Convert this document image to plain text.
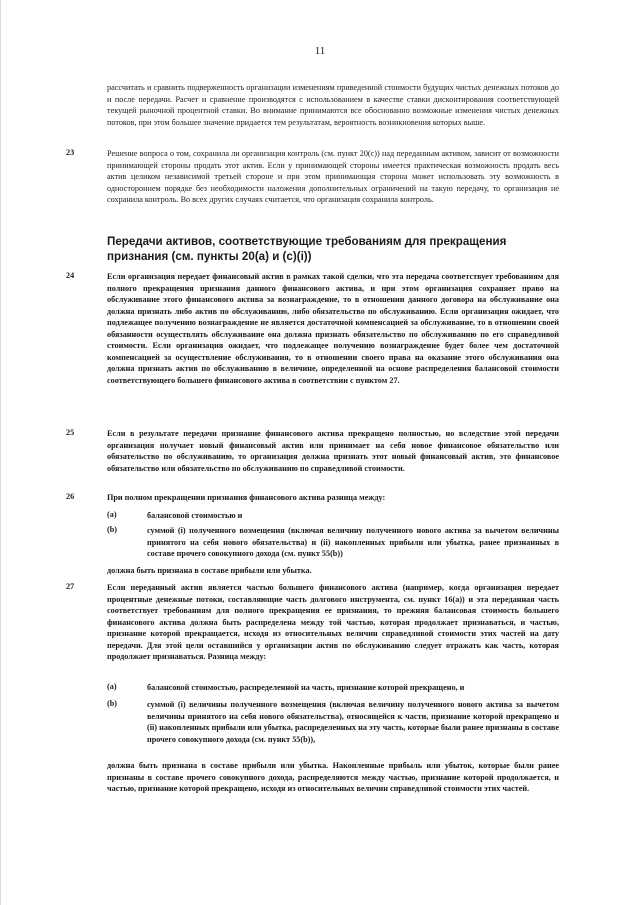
11

рассчитать и сравнить подверженность организации изменениям приведенной стоимости будущих чистых денежных потоков до и после передачи. Расчет и сравнение производятся с использованием в качестве ставки дисконтирования соответствующей текущей рыночной процентной ставки. Во внимание принимаются все обоснованно возможные изменения чистых денежных потоков, при этом большее значение придается тем результатам, вероятность возникновения которых выше.

23	Решение вопроса о том, сохранила ли организация контроль (см. пункт 20(c)) над переданным активом, зависит от возможности принимающей стороны продать этот актив. Если у принимающей стороны имеется практическая возможность продать весь актив целиком независимой третьей стороне и при этом принимающая сторона может использовать эту возможность в одностороннем порядке без необходимости наложения дополнительных ограничений на такую передачу, то организация не сохранила контроль. Во всех других случаях считается, что организация сохранила контроль.

Передачи активов, соответствующие требованиям для прекращения признания (см. пункты 20(a) и (c)(i))
24	Если организация передает финансовый актив в рамках такой сделки, что эта передача соответствует требованиям для полного прекращения признания данного финансового актива, и при этом организация сохраняет право на обслуживание этого финансового актива за вознаграждение, то в отношении данного договора на обслуживание она должна признать либо актив по обслуживанию, либо обязательство по обслуживанию. Если организация ожидает, что подлежащее получению вознаграждение не является достаточной компенсацией за обслуживание, то в отношении своей обязанности осуществлять обслуживание она должна признать обязательство по обслуживанию по его справедливой стоимости. Если организация ожидает, что подлежащее получению вознаграждение будет более чем достаточной компенсацией за осуществление обслуживания, то в отношении своего права на оказание этого обслуживания она должна признать актив по обслуживанию в величине, определенной на основе распределения балансовой стоимости соответствующего большего финансового актива в соответствии с пунктом 27.

25	Если в результате передачи признание финансового актива прекращено полностью, но вследствие этой передачи организация получает новый финансовый актив или принимает на себя новое финансовое обязательство или обязательство по обслуживанию, то организация должна признать этот новый финансовый актив, это финансовое обязательство или обязательство по обслуживанию по справедливой стоимости.

26	При полном прекращении признания финансового актива разница между:

(a)	балансовой стоимостью и

(b)	суммой (i) полученного возмещения (включая величину полученного нового актива за вычетом величины принятого на себя нового обязательства) и (ii) накопленных прибыли или убытка, ранее признанных в составе прочего совокупного дохода (см. пункт 55(b))

должна быть признана в составе прибыли или убытка.

27	Если переданный актив является частью большего финансового актива (например, когда организация передает процентные денежные потоки, составляющие часть долгового инструмента, см. пункт 16(a)) и эта переданная часть соответствует требованиям для полного прекращения ее признания, то прежняя балансовая стоимость большего финансового актива должна быть распределена между той частью, которая продолжает признаваться, и частью, признание которой прекращается, исходя из относительных величин справедливой стоимости этих частей на дату передачи. Для этой цели оставшийся у организации актив по обслуживанию следует отражать как часть, которая продолжает признаваться. Разница между:

(a)	балансовой стоимостью, распределенной на часть, признание которой прекращено, и

(b)	суммой (i) величины полученного возмещения (включая величину полученного нового актива за вычетом величины принятого на себя нового обязательства), относящейся к части, признание которой прекращено и (ii) накопленных прибыли или убытка, распределенных на эту часть, которые были ранее признаны в составе прочего совокупного дохода (см. пункт 55(b)),

должна быть признана в составе прибыли или убытка. Накопленные прибыль или убыток, которые были ранее признаны в составе прочего совокупного дохода, распределяются между частью, признание которой продолжается, и частью, признание которой прекращено, исходя из относительных величин справедливой стоимости этих частей.
